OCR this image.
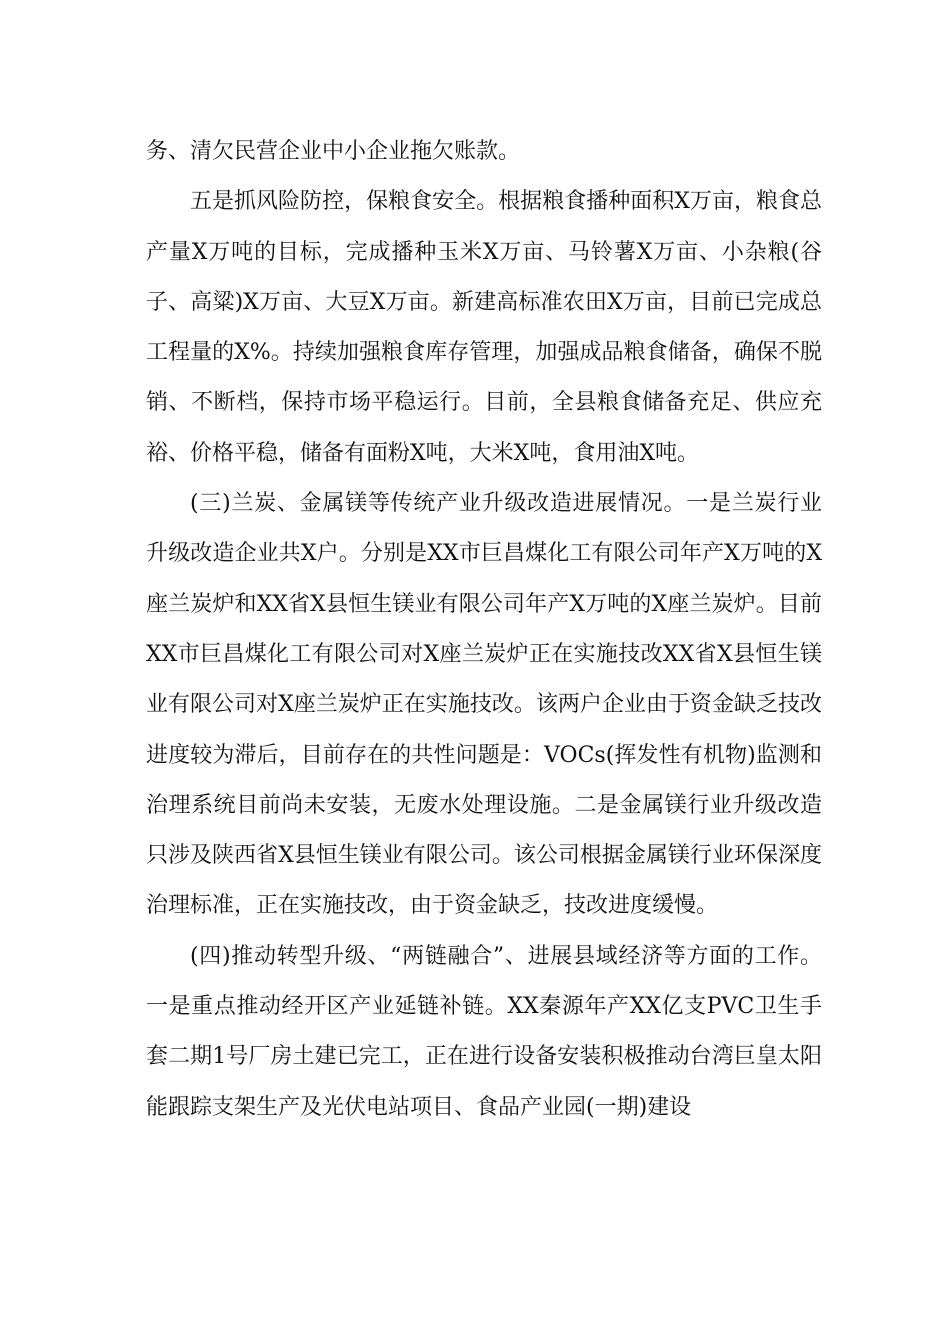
务、清欠民营企业中小企业拖欠账款。

五是抓风险防控，保粮食安全。根据粮食播种面积X万亩，粮食总产量X万吨的目标，完成播种玉米X万亩、马铃薯X万亩、小杂粮(谷子、高粱)X万亩、大豆X万亩。新建高标准农田X万亩，目前已完成总工程量的X%。持续加强粮食库存管理，加强成品粮食储备，确保不脱销、不断档，保持市场平稳运行。目前，全县粮食储备充足、供应充裕、价格平稳，储备有面粉X吨，大米X吨，食用油X吨。

(三)兰炭、金属镁等传统产业升级改造进展情况。一是兰炭行业升级改造企业共X户。分别是XX市巨昌煤化工有限公司年产X万吨的X座兰炭炉和XX省X县恒生镁业有限公司年产X万吨的X座兰炭炉。目前XX市巨昌煤化工有限公司对X座兰炭炉正在实施技改XX省X县恒生镁业有限公司对X座兰炭炉正在实施技改。该两户企业由于资金缺乏技改进度较为滞后，目前存在的共性问题是：VOCs(挥发性有机物)监测和治理系统目前尚未安装，无废水处理设施。二是金属镁行业升级改造只涉及陕西省X县恒生镁业有限公司。该公司根据金属镁行业环保深度治理标准，正在实施技改，由于资金缺乏，技改进度缓慢。

(四)推动转型升级、“两链融合”、进展县域经济等方面的工作。一是重点推动经开区产业延链补链。XX秦源年产XX亿支PVC卫生手套二期1号厂房土建已完工，正在进行设备安装积极推动台湾巨皇太阳能跟踪支架生产及光伏电站项目、食品产业园(一期)建设
